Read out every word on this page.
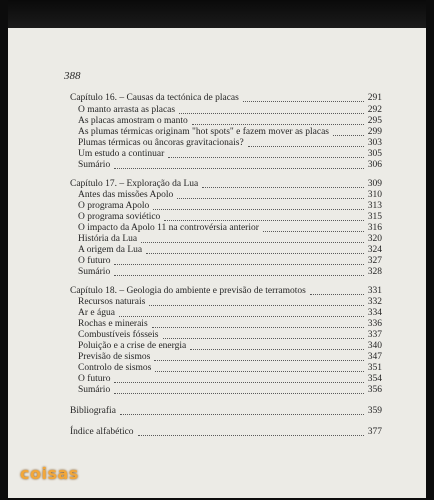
388
Capítulo 16. – Causas da tectónica de placas	291
O manto arrasta as placas	292
As placas amostram o manto	295
As plumas térmicas originam "hot spots" e fazem mover as placas	299
Plumas térmicas ou âncoras gravitacionais?	303
Um estudo a continuar	305
Sumário	306
Capítulo 17. – Exploração da Lua	309
Antes das missões Apolo	310
O programa Apolo	313
O programa soviético	315
O impacto da Apolo 11 na controvérsia anterior	316
História da Lua	320
A origem da Lua	324
O futuro	327
Sumário	328
Capítulo 18. – Geologia do ambiente e previsão de terramotos	331
Recursos naturais	332
Ar e água	334
Rochas e minerais	336
Combustíveis fósseis	337
Poluição e a crise de energia	340
Previsão de sismos	347
Controlo de sismos	351
O futuro	354
Sumário	356
Bibliografia	359
Índice alfabético	377
coisas
